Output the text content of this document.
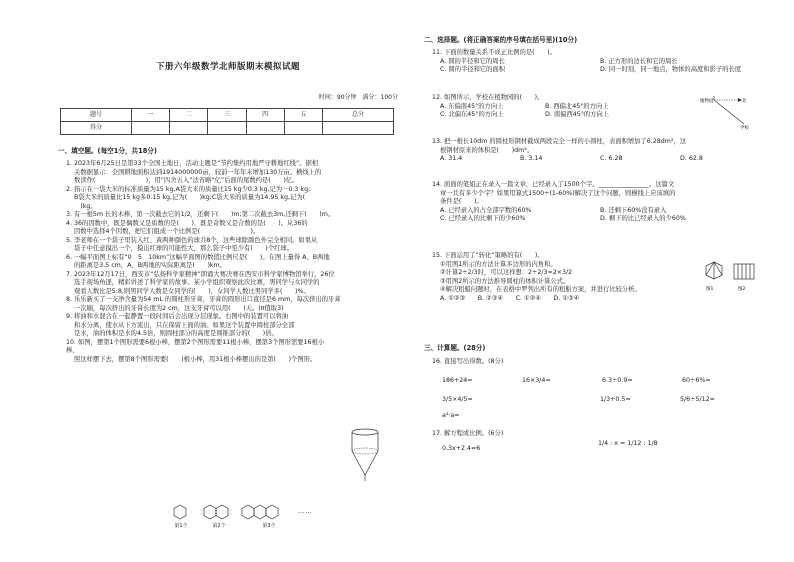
下册六年级数学北师版期末模拟试题
时间：90分钟　满分：100分
题号	一	二	三	四	五	总分
得分						
一、填空题。(每空1分，共18分)

1. 2023年6月25日是第33个全国土地日，活动主题是“节约集约用地严守耕地红线”。据相

关数据显示：全国耕地面积达到1914000000亩，较前一年年末增加130万亩。横线上的

数读作(　　　　　　　　)，用“四舍五入”法省略“亿”后面的尾数约是(　　)亿。

2. 指示在一袋大米的标准质量为15 kg,A袋大米的质量比15 kg少0.3 kg,记为－0.3 kg;

B袋大米的质量比15 kg多0.15 kg,记为(　　)kg;C袋大米的质量为14.95 kg,记为(

　)kg。

3. 有一根5m 长的木棒，第一次截去它的1/2，还剩下(　　)m;第二次截去3m,还剩下(　　)m。

4. 36的因数中，既是偶数又是质数的是(　　)，既是奇数又是合数的是(　　)。从36的

因数中选择4个因数，把它们组成一个比例是(　　　　　　　　)。

5. 李老师在一个袋子里装入红、黄两种颜色的球共8个，这些球除颜色外完全相同。如果从

袋子中任意摸出一个，摸出红球的可能性大，那么袋子中至少有(　　)个红球。

6. 一幅平面图上标有“0　5　10km”这幅平面图的数值比例尺是(　　)。在图上量得 A、B两地

的距离是3.5 cm，A、B两地的实际距离是(　　)km。

7. 2023年12月17日，西安市“弘扬科学家精神”朗诵大赛决赛在西安市科学家博物馆举行，26位

选手现场角逐，精彩讲述了科学家的故事。某小学组织观察此次比赛，男同学与女同学的

观看人数比是5:8,则男同学人数是女同学的(　　)，女同学人数比男同学多(　　)%。

8. 乐乐新买了一支净含量为54 mL 的圆柱形牙膏，牙膏的圆形出口直径是6 mm，每次挤出的牙膏

一次刷，每次挤出的牙膏长度为2 cm，这支牙膏可以用(　　)天。(π值取3)

9. 将油和水混合在一起静置一段时间后会出现分层现象。右图中的装置可以将油

和水分离，使水从下方流出，只在保留上面的油。如果这个装置中圆柱部分全部

是水，油的体积是水的4.5倍，则圆柱部分的高度是圆锥部分的(　　)倍。

10. 如图，摆第1个图形需要6根小棒，摆第2个图形需要11根小棒，摆第3个图形需要16根小棒，

照这样摆下去，摆第8个图形需要(　　)根小棒，用31根小棒摆出的是第(　　)个图形。

第1个	第2个	第3个
……
二、选择题。(将正确答案的序号填在括号里)(10分)

11. 下面的数量关系不成正比例的是(　　)。

A. 圆的半径和它的周长	B. 正方形的边长和它的周长

C. 圆的半径和它的面积	D. 同一时刻，同一地点，物体的高度和影子的长度

12. 如图所示，学校在植物园的(　　)。

A. 东偏南45°的方向上	B. 西偏北45°的方向上

C. 北偏东45°的方向上	D. 南偏西45°的方向上

植物园	北
学校

13. 把一根长10dm 的圆柱形钢材截成两段完全一样的小圆柱，表面积增加了6.28dm²，这

根钢材原来的体积是(　　)dm³。

A. 31.4	B. 3.14	C. 6.28	D. 62.8

14. 面面的笔姐正在录入一篇文章，已经录入了1500个字。________________。这篇文

章一共有多少个字？如果用算式1500÷(1-60%)解决了这个问题，则横线上应该填的

条件是(　　)。

A. 已经录入的占全部字数的60%	B. 还剩下60%没有录入

C. 已经录入的比剩下的少60%	D. 剩下的比已经录入的少60%

15. 下面运用了“转化”策略的有(　　)。

①用图1所示的方法计算多边形的内角和。

②计算2÷2/3时，可以这样想：2÷2/3=2×3/2

③用图2所示的方法推导圆柱的体积计算公式。

④解决租船问题时，在表格中罗列出所有的租船方案，并进行比较分析。

A. ①②③　　B. ②③④　　C. ①②④　　D. ①③④

图1	图2
三、计算题。(28分)
16. 直接写出得数。(8分)
186+24=	16×3/4=	6.3÷0.9=	60÷6%=
3/5×4/5=	1/3+0.5=	5/6÷5/12=
a²·a=
17. 解方程或比例。(6分)
0.3x+2.4=6
1/4 : x = 1/12 : 1/8
